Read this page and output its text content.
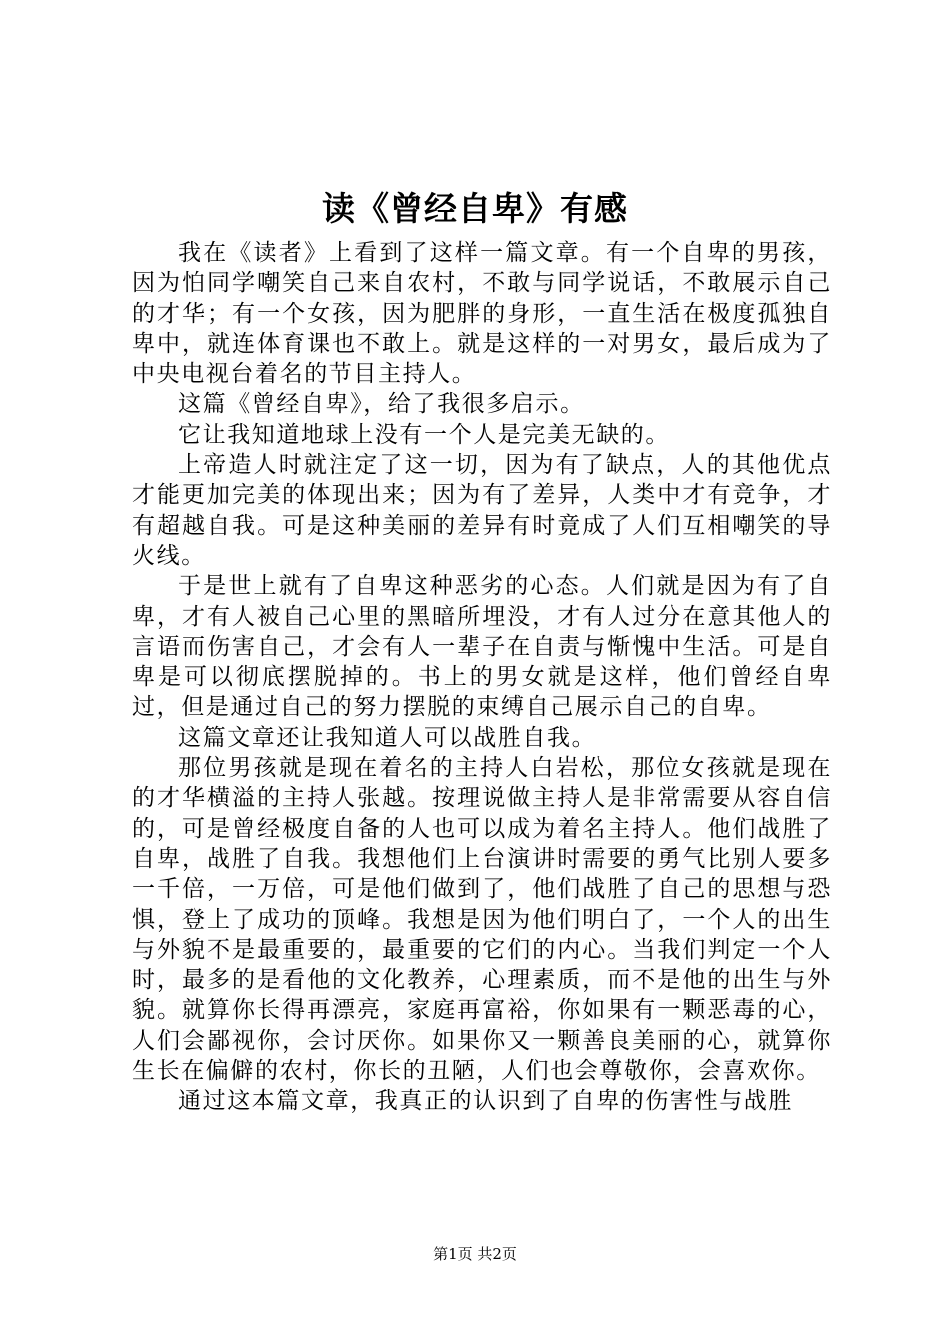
读《曾经自卑》有感

我在《读者》上看到了这样一篇文章。有一个自卑的男孩，因为怕同学嘲笑自己来自农村，不敢与同学说话，不敢展示自己的才华；有一个女孩，因为肥胖的身形，一直生活在极度孤独自卑中，就连体育课也不敢上。就是这样的一对男女，最后成为了中央电视台着名的节目主持人。

这篇《曾经自卑》，给了我很多启示。

它让我知道地球上没有一个人是完美无缺的。

上帝造人时就注定了这一切，因为有了缺点，人的其他优点才能更加完美的体现出来；因为有了差异，人类中才有竞争，才有超越自我。可是这种美丽的差异有时竟成了人们互相嘲笑的导火线。

于是世上就有了自卑这种恶劣的心态。人们就是因为有了自卑，才有人被自己心里的黑暗所埋没，才有人过分在意其他人的言语而伤害自己，才会有人一辈子在自责与惭愧中生活。可是自卑是可以彻底摆脱掉的。书上的男女就是这样，他们曾经自卑过，但是通过自己的努力摆脱的束缚自己展示自己的自卑。

这篇文章还让我知道人可以战胜自我。

那位男孩就是现在着名的主持人白岩松，那位女孩就是现在的才华横溢的主持人张越。按理说做主持人是非常需要从容自信的，可是曾经极度自备的人也可以成为着名主持人。他们战胜了自卑，战胜了自我。我想他们上台演讲时需要的勇气比别人要多一千倍，一万倍，可是他们做到了，他们战胜了自己的思想与恐惧，登上了成功的顶峰。我想是因为他们明白了，一个人的出生与外貌不是最重要的，最重要的它们的内心。当我们判定一个人时，最多的是看他的文化教养，心理素质，而不是他的出生与外貌。就算你长得再漂亮，家庭再富裕，你如果有一颗恶毒的心，人们会鄙视你，会讨厌你。如果你又一颗善良美丽的心，就算你生长在偏僻的农村，你长的丑陋，人们也会尊敬你，会喜欢你。

通过这本篇文章，我真正的认识到了自卑的伤害性与战胜

第1页 共2页
